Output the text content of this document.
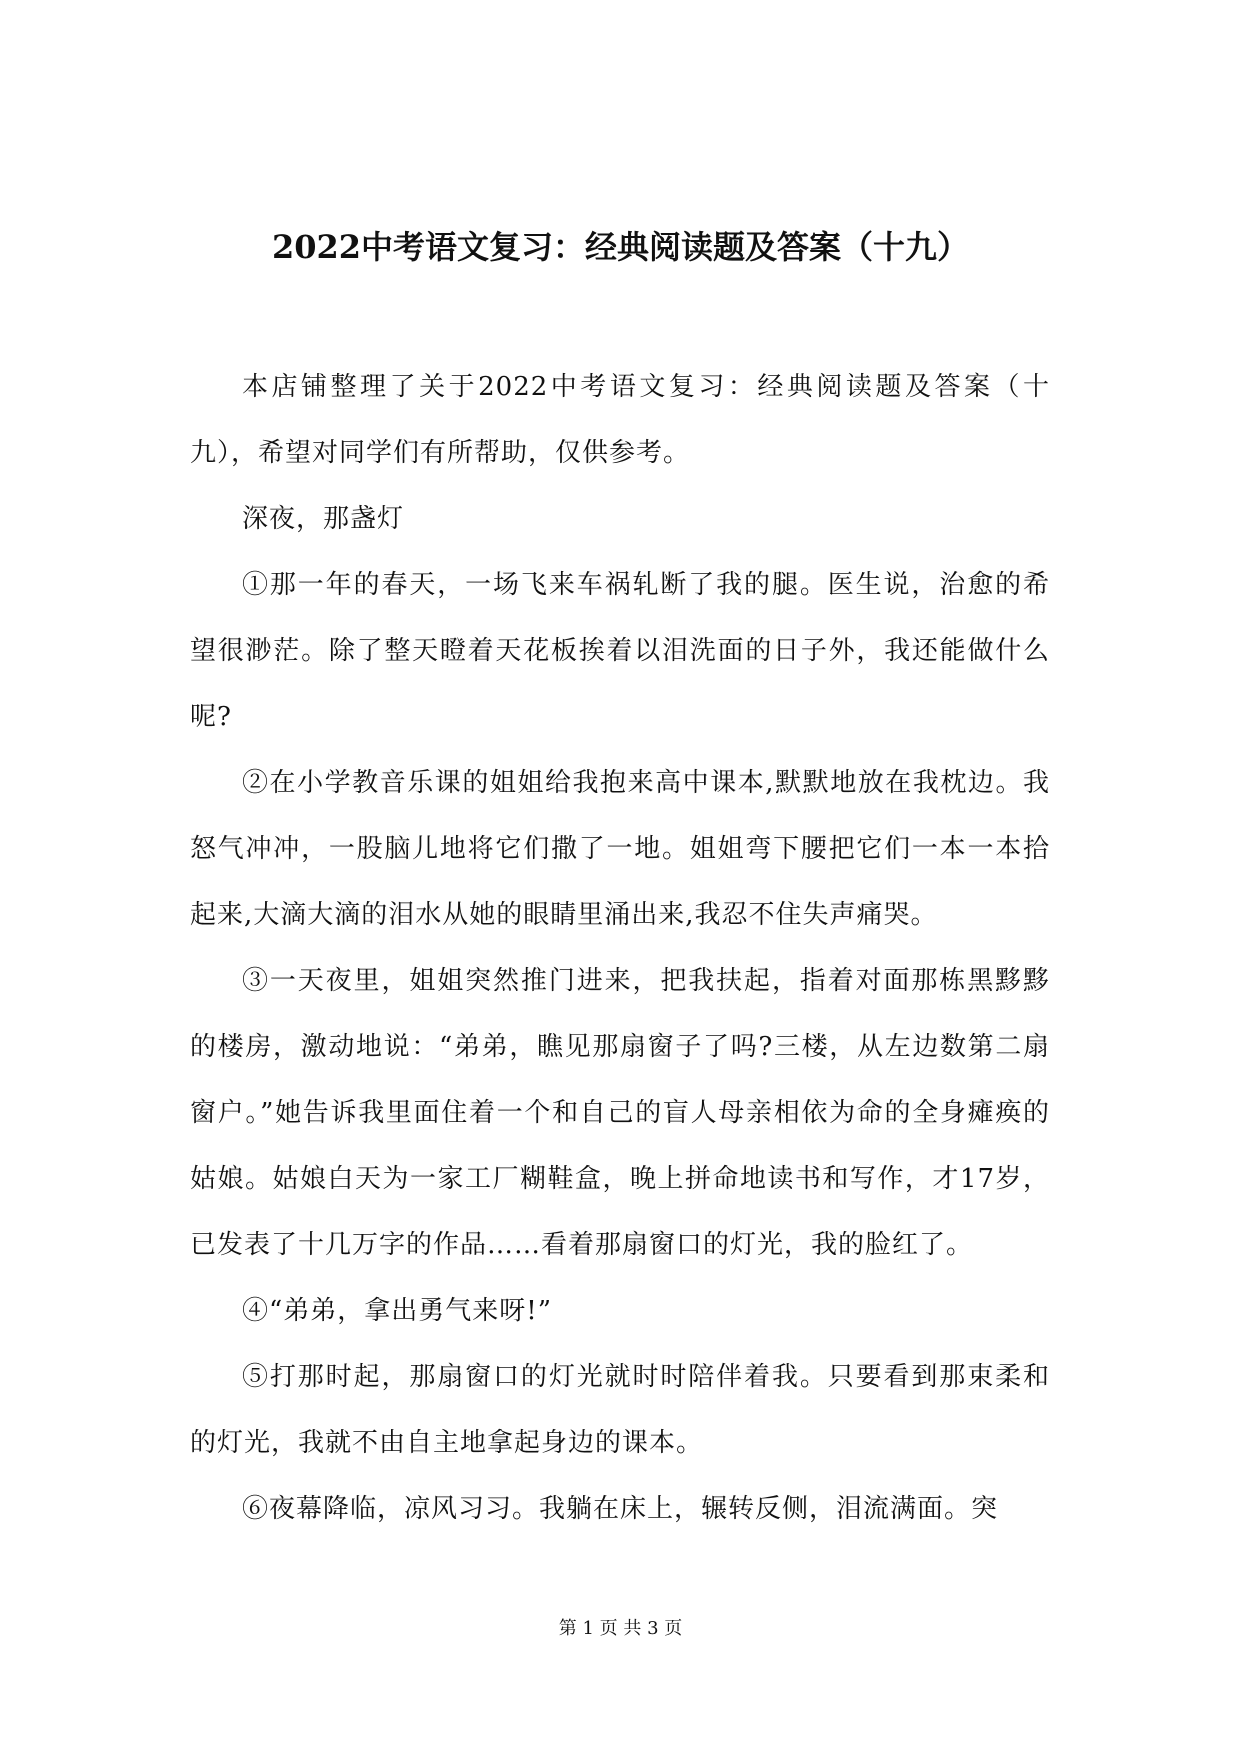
2022中考语文复习：经典阅读题及答案（十九）

本店铺整理了关于2022中考语文复习：经典阅读题及答案（十九），希望对同学们有所帮助，仅供参考。

深夜，那盏灯

①那一年的春天，一场飞来车祸轧断了我的腿。医生说，治愈的希望很渺茫。除了整天瞪着天花板挨着以泪洗面的日子外，我还能做什么呢?

②在小学教音乐课的姐姐给我抱来高中课本,默默地放在我枕边。我怒气冲冲，一股脑儿地将它们撒了一地。姐姐弯下腰把它们一本一本拾起来,大滴大滴的泪水从她的眼睛里涌出来,我忍不住失声痛哭。

③一天夜里，姐姐突然推门进来，把我扶起，指着对面那栋黑黟黟的楼房，激动地说：“弟弟，瞧见那扇窗子了吗?三楼，从左边数第二扇窗户。”她告诉我里面住着一个和自己的盲人母亲相依为命的全身瘫痪的姑娘。姑娘白天为一家工厂糊鞋盒，晚上拼命地读书和写作，才17岁，已发表了十几万字的作品……看着那扇窗口的灯光，我的脸红了。

④“弟弟，拿出勇气来呀!”

⑤打那时起，那扇窗口的灯光就时时陪伴着我。只要看到那束柔和的灯光，我就不由自主地拿起身边的课本。

⑥夜幕降临，凉风习习。我躺在床上，辗转反侧，泪流满面。突

第 1 页 共 3 页
